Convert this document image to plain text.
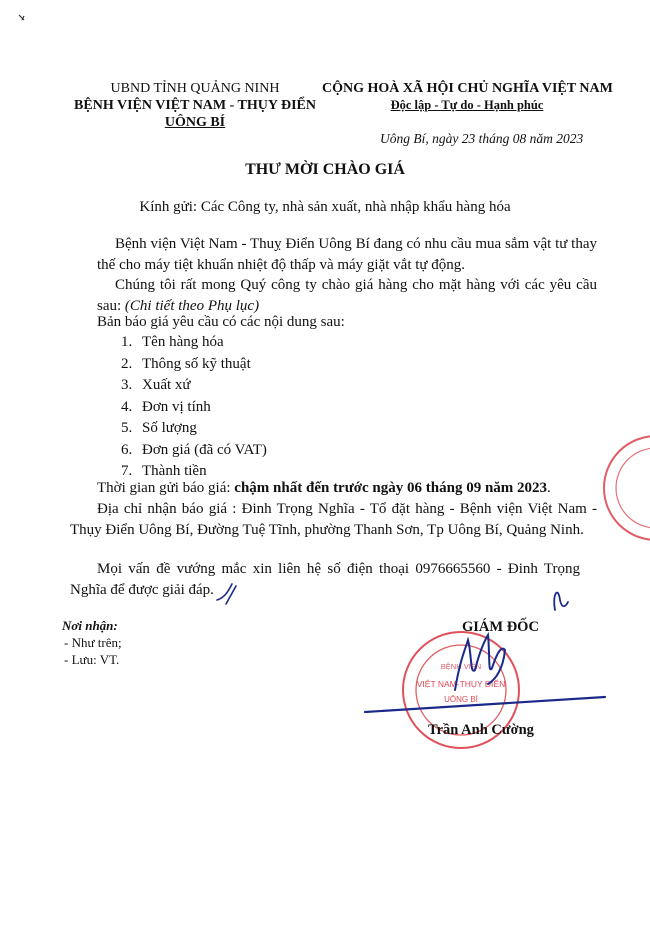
UBND TỈNH QUẢNG NINH
BỆNH VIỆN VIỆT NAM - THỤY ĐIỂN
UÔNG BÍ
CỘNG HOÀ XÃ HỘI CHỦ NGHĨA VIỆT NAM
Độc lập - Tự do - Hạnh phúc
Uông Bí, ngày 23 tháng 08 năm 2023
THƯ MỜI CHÀO GIÁ
Kính gửi: Các Công ty, nhà sản xuất, nhà nhập khẩu hàng hóa
Bệnh viện Việt Nam - Thuỵ Điển Uông Bí đang có nhu cầu mua sắm vật tư thay thế cho máy tiệt khuẩn nhiệt độ thấp và máy giặt vắt tự động.
Chúng tôi rất mong Quý công ty chào giá hàng cho mặt hàng với các yêu cầu sau: (Chi tiết theo Phụ lục)
Bản báo giá yêu cầu có các nội dung sau:
1. Tên hàng hóa
2. Thông số kỹ thuật
3. Xuất xứ
4. Đơn vị tính
5. Số lượng
6. Đơn giá (đã có VAT)
7. Thành tiền
Thời gian gửi báo giá: chậm nhất đến trước ngày 06 tháng 09 năm 2023.
Địa chỉ nhận báo giá : Đinh Trọng Nghĩa - Tổ đặt hàng - Bệnh viện Việt Nam - Thụy Điển Uông Bí, Đường Tuệ Tĩnh, phường Thanh Sơn, Tp Uông Bí, Quảng Ninh.
Mọi vấn đề vướng mắc xin liên hệ số điện thoại 0976665560 - Đinh Trọng Nghĩa để được giải đáp.
Nơi nhận:
- Như trên;
- Lưu: VT.
GIÁM ĐỐC
VIỆT NAM-THỤY ĐIỂN
UÔNG BÍ
BỆNH VIỆN
Trần Anh Cường
